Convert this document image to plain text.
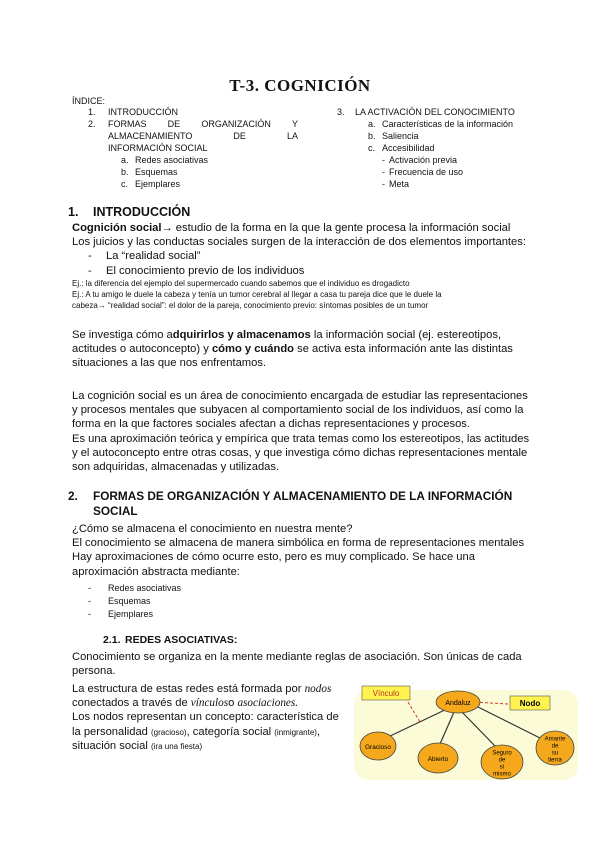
T-3. COGNICIÓN
ÍNDICE:
1. INTRODUCCIÓN
2. FORMAS DE ORGANIZACIÓN Y
ALMACENAMIENTO	DE	LA
INFORMACIÓN SOCIAL
a. Redes asociativas
b. Esquemas
c. Ejemplares
3. LA ACTIVACIÓN DEL CONOCIMIENTO
a. Características de la información
b. Saliencia
c. Accesibilidad
- Activación previa
- Frecuencia de uso
- Meta
1. INTRODUCCIÓN
Cognición social→ estudio de la forma en la que la gente procesa la información social
Los juicios y las conductas sociales surgen de la interacción de dos elementos importantes:
- La “realidad social”
- El conocimiento previo de los individuos
Ej.: la diferencia del ejemplo del supermercado cuando sabemos que el individuo es drogadicto
Ej.: A tu amigo le duele la cabeza y tenía un tumor cerebral al llegar a casa tu pareja dice que le duele la
cabeza→ “realidad social”: el dolor de la pareja, conocimiento previo: síntomas posibles de un tumor
Se investiga cómo adquirirlos y almacenamos la información social (ej. estereotipos,
actitudes o autoconcepto) y cómo y cuándo se activa esta información ante las distintas
situaciones a las que nos enfrentamos.
La cognición social es un área de conocimiento encargada de estudiar las representaciones
y procesos mentales que subyacen al comportamiento social de los individuos, así como la
forma en la que factores sociales afectan a dichas representaciones y procesos.
Es una aproximación teórica y empírica que trata temas como los estereotipos, las actitudes
y el autoconcepto entre otras cosas, y que investiga cómo dichas representaciones mentale
son adquiridas, almacenadas y utilizadas.
2. FORMAS DE ORGANIZACIÓN Y ALMACENAMIENTO DE LA INFORMACIÓN
SOCIAL
¿Cómo se almacena el conocimiento en nuestra mente?
El conocimiento se almacena de manera simbólica en forma de representaciones mentales
Hay aproximaciones de cómo ocurre esto, pero es muy complicado. Se hace una
aproximación abstracta mediante:
- Redes asociativas
- Esquemas
- Ejemplares
2.1. REDES ASOCIATIVAS:
Conocimiento se organiza en la mente mediante reglas de asociación. Son únicas de cada
persona.
La estructura de estas redes está formada por nodos
conectados a través de vínculoso asociaciones.
Los nodos representan un concepto: característica de
la personalidad (gracioso), categoría social (inmigrante),
situación social (ira una fiesta)
Andaluz
Gracioso
Abierto
Seguro de sí mismo
Amante de su tierra
Vínculo
Nodo
